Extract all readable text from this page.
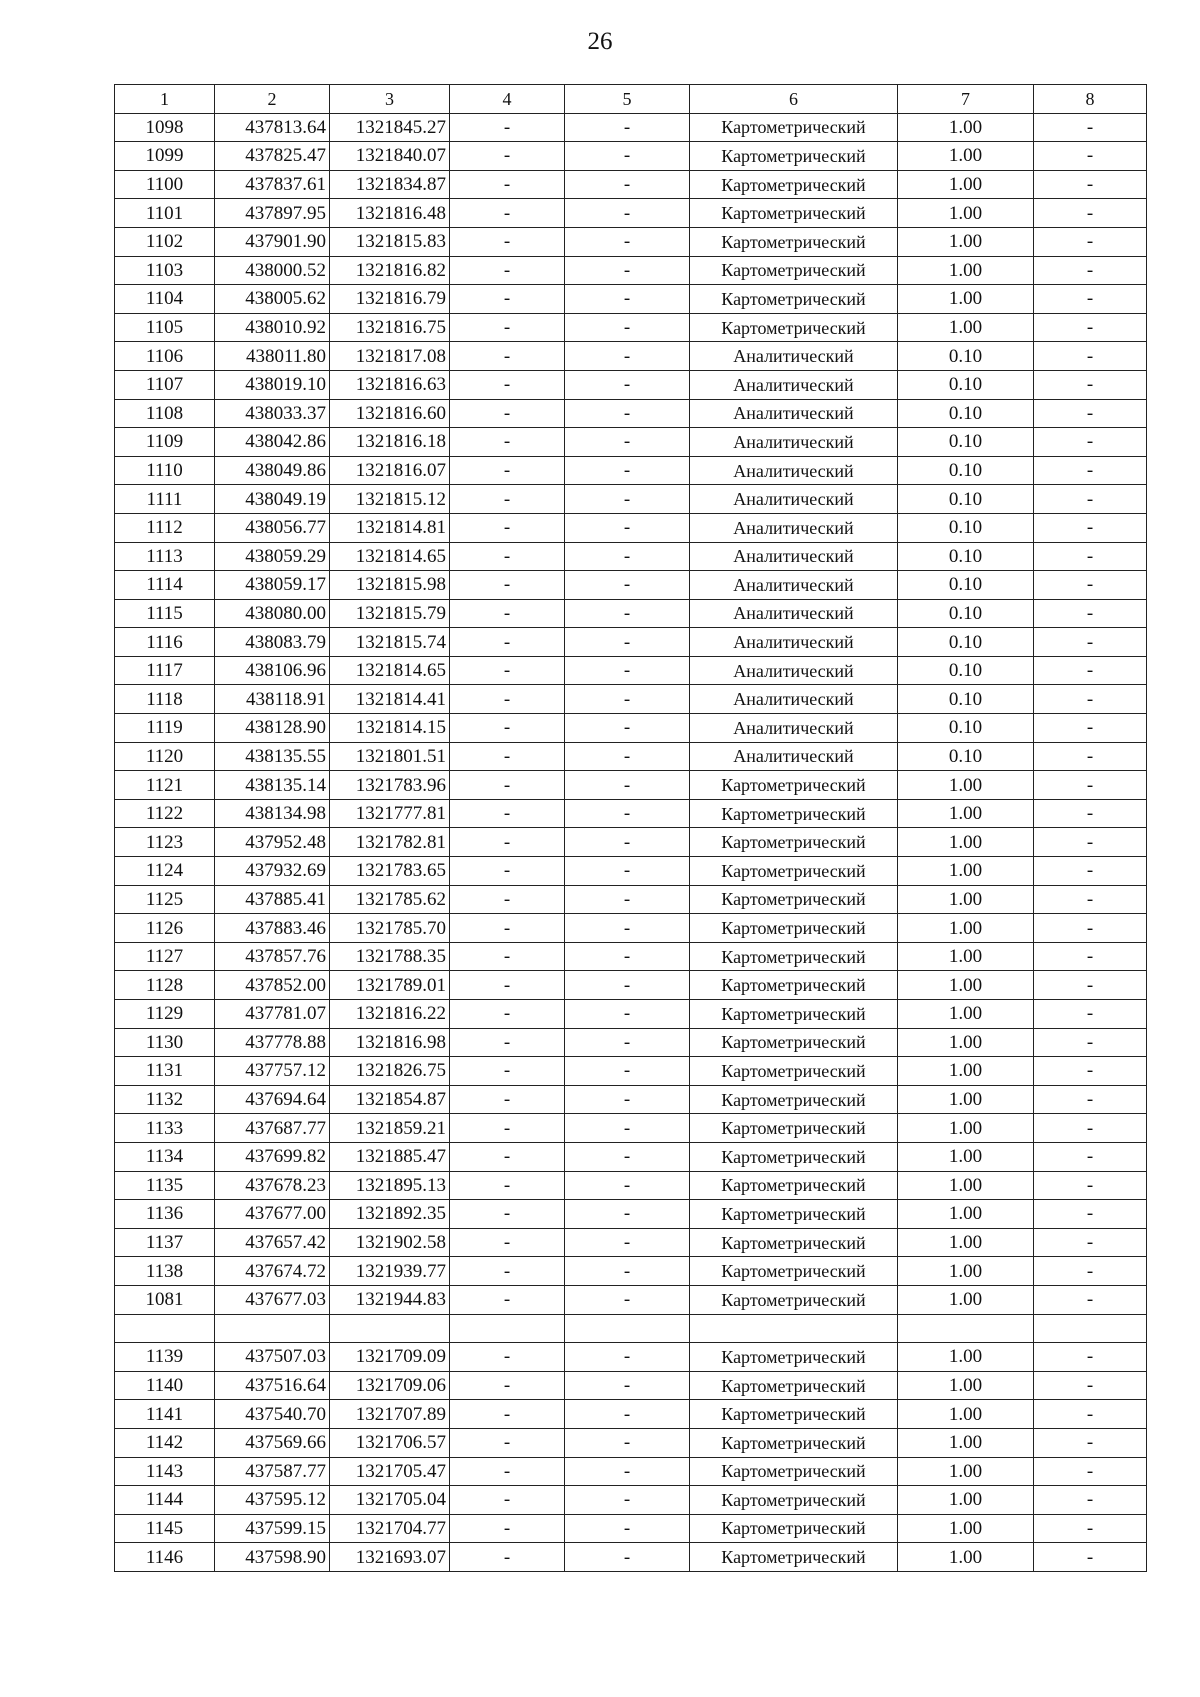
26
1	2	3	4	5	6	7	8
1098	437813.64	1321845.27	-	-	Картометрический	1.00	-
1099	437825.47	1321840.07	-	-	Картометрический	1.00	-
1100	437837.61	1321834.87	-	-	Картометрический	1.00	-
1101	437897.95	1321816.48	-	-	Картометрический	1.00	-
1102	437901.90	1321815.83	-	-	Картометрический	1.00	-
1103	438000.52	1321816.82	-	-	Картометрический	1.00	-
1104	438005.62	1321816.79	-	-	Картометрический	1.00	-
1105	438010.92	1321816.75	-	-	Картометрический	1.00	-
1106	438011.80	1321817.08	-	-	Аналитический	0.10	-
1107	438019.10	1321816.63	-	-	Аналитический	0.10	-
1108	438033.37	1321816.60	-	-	Аналитический	0.10	-
1109	438042.86	1321816.18	-	-	Аналитический	0.10	-
1110	438049.86	1321816.07	-	-	Аналитический	0.10	-
1111	438049.19	1321815.12	-	-	Аналитический	0.10	-
1112	438056.77	1321814.81	-	-	Аналитический	0.10	-
1113	438059.29	1321814.65	-	-	Аналитический	0.10	-
1114	438059.17	1321815.98	-	-	Аналитический	0.10	-
1115	438080.00	1321815.79	-	-	Аналитический	0.10	-
1116	438083.79	1321815.74	-	-	Аналитический	0.10	-
1117	438106.96	1321814.65	-	-	Аналитический	0.10	-
1118	438118.91	1321814.41	-	-	Аналитический	0.10	-
1119	438128.90	1321814.15	-	-	Аналитический	0.10	-
1120	438135.55	1321801.51	-	-	Аналитический	0.10	-
1121	438135.14	1321783.96	-	-	Картометрический	1.00	-
1122	438134.98	1321777.81	-	-	Картометрический	1.00	-
1123	437952.48	1321782.81	-	-	Картометрический	1.00	-
1124	437932.69	1321783.65	-	-	Картометрический	1.00	-
1125	437885.41	1321785.62	-	-	Картометрический	1.00	-
1126	437883.46	1321785.70	-	-	Картометрический	1.00	-
1127	437857.76	1321788.35	-	-	Картометрический	1.00	-
1128	437852.00	1321789.01	-	-	Картометрический	1.00	-
1129	437781.07	1321816.22	-	-	Картометрический	1.00	-
1130	437778.88	1321816.98	-	-	Картометрический	1.00	-
1131	437757.12	1321826.75	-	-	Картометрический	1.00	-
1132	437694.64	1321854.87	-	-	Картометрический	1.00	-
1133	437687.77	1321859.21	-	-	Картометрический	1.00	-
1134	437699.82	1321885.47	-	-	Картометрический	1.00	-
1135	437678.23	1321895.13	-	-	Картометрический	1.00	-
1136	437677.00	1321892.35	-	-	Картометрический	1.00	-
1137	437657.42	1321902.58	-	-	Картометрический	1.00	-
1138	437674.72	1321939.77	-	-	Картометрический	1.00	-
1081	437677.03	1321944.83	-	-	Картометрический	1.00	-

1139	437507.03	1321709.09	-	-	Картометрический	1.00	-
1140	437516.64	1321709.06	-	-	Картометрический	1.00	-
1141	437540.70	1321707.89	-	-	Картометрический	1.00	-
1142	437569.66	1321706.57	-	-	Картометрический	1.00	-
1143	437587.77	1321705.47	-	-	Картометрический	1.00	-
1144	437595.12	1321705.04	-	-	Картометрический	1.00	-
1145	437599.15	1321704.77	-	-	Картометрический	1.00	-
1146	437598.90	1321693.07	-	-	Картометрический	1.00	-
